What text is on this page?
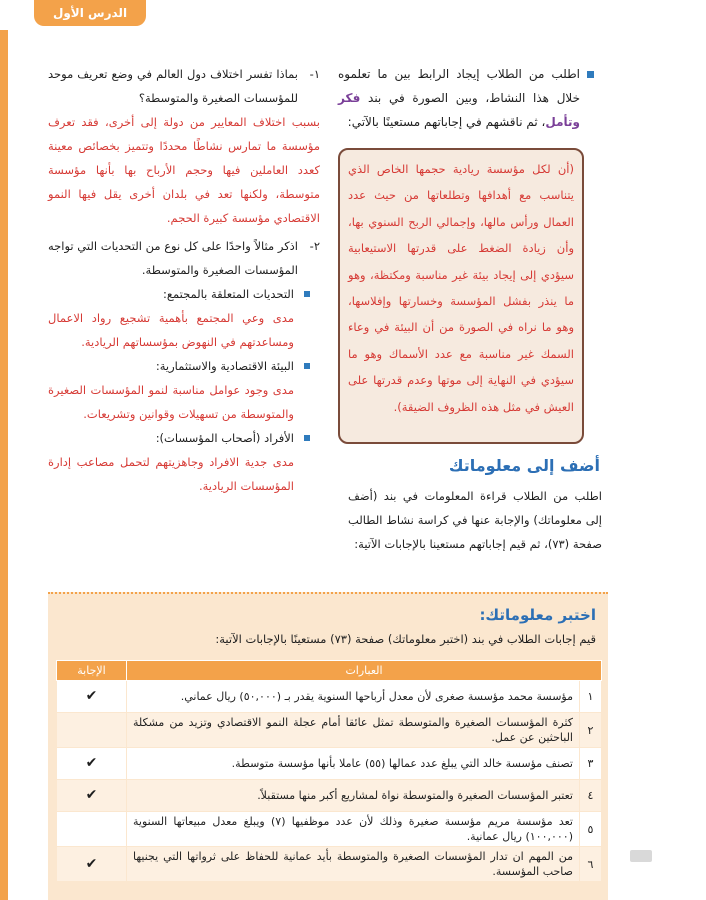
الدرس الأول

اطلب من الطلاب إيجاد الرابط بين ما تعلموه خلال هذا النشاط، وبين الصورة في بند فكر وتأمل، ثم ناقشهم في إجاباتهم مستعينًا بالآتي:

(أن لكل مؤسسة ريادية حجمها الخاص الذي يتناسب مع أهدافها وتطلعاتها من حيث عدد العمال ورأس مالها، وإجمالي الربح السنوي بها، وأن زيادة الضغط على قدرتها الاستيعابية سيؤدي إلى إيجاد بيئة غير مناسبة ومكتظة، وهو ما ينذر بفشل المؤسسة وخسارتها وإفلاسها، وهو ما نراه في الصورة من أن البيئة في وعاء السمك غير مناسبة مع عدد الأسماك وهو ما سيؤدي في النهاية إلى موتها وعدم قدرتها على العيش في مثل هذه الظروف الضيقة).
أضف إلى معلوماتك

اطلب من الطلاب قراءة المعلومات في بند (أضف إلى معلوماتك) والإجابة عنها في كراسة نشاط الطالب صفحة (٧٣)، ثم قيم إجاباتهم مستعينا بالإجابات الآتية:

١-
بماذا تفسر اختلاف دول العالم في وضع تعريف موحد للمؤسسات الصغيرة والمتوسطة؟

بسبب اختلاف المعايير من دولة إلى أخرى، فقد تعرف مؤسسة ما تمارس نشاطًا محددًا وتتميز بخصائص معينة كعدد العاملين فيها وحجم الأرباح بها بأنها مؤسسة متوسطة، ولكنها تعد في بلدان أخرى يقل فيها النمو الاقتصادي مؤسسة كبيرة الحجم.

٢-
اذكر مثالاً واحدًا على كل نوع من التحديات التي تواجه المؤسسات الصغيرة والمتوسطة.
التحديات المتعلقة بالمجتمع:

مدى وعي المجتمع بأهمية تشجيع رواد الاعمال ومساعدتهم في النهوض بمؤسساتهم الريادية.

البيئة الاقتصادية والاستثمارية:

مدى وجود عوامل مناسبة لنمو المؤسسات الصغيرة والمتوسطة من تسهيلات وقوانين وتشريعات.

الأفراد (أصحاب المؤسسات):

مدى جدية الافراد وجاهزيتهم لتحمل مصاعب إدارة المؤسسات الريادية.

اختبر معلوماتك:
قيم إجابات الطلاب في بند (اختبر معلوماتك) صفحة (٧٣) مستعينًا بالإجابات الآتية:
العبارات		الإجابة
١	مؤسسة محمد مؤسسة صغرى لأن معدل أرباحها السنوية يقدر بـ (٥٠,٠٠٠) ريال عماني.	✔
٢	كثرة المؤسسات الصغيرة والمتوسطة تمثل عائقا أمام عجلة النمو الاقتصادي وتزيد من مشكلة الباحثين عن عمل.	
٣	تصنف مؤسسة خالد التي يبلغ عدد عمالها (٥٥) عاملا بأنها مؤسسة متوسطة.	✔
٤	تعتبر المؤسسات الصغيرة والمتوسطة نواة لمشاريع أكبر منها مستقبلاً.	✔
٥	تعد مؤسسة مريم مؤسسة صغيرة وذلك لأن عدد موظفيها (٧) ويبلغ معدل مبيعاتها السنوية (١٠٠,٠٠٠) ريال عمانية.	
٦	من المهم ان تدار المؤسسات الصغيرة والمتوسطة بأيد عمانية للحفاظ على ثرواتها التي يجنيها صاحب المؤسسة.	✔
